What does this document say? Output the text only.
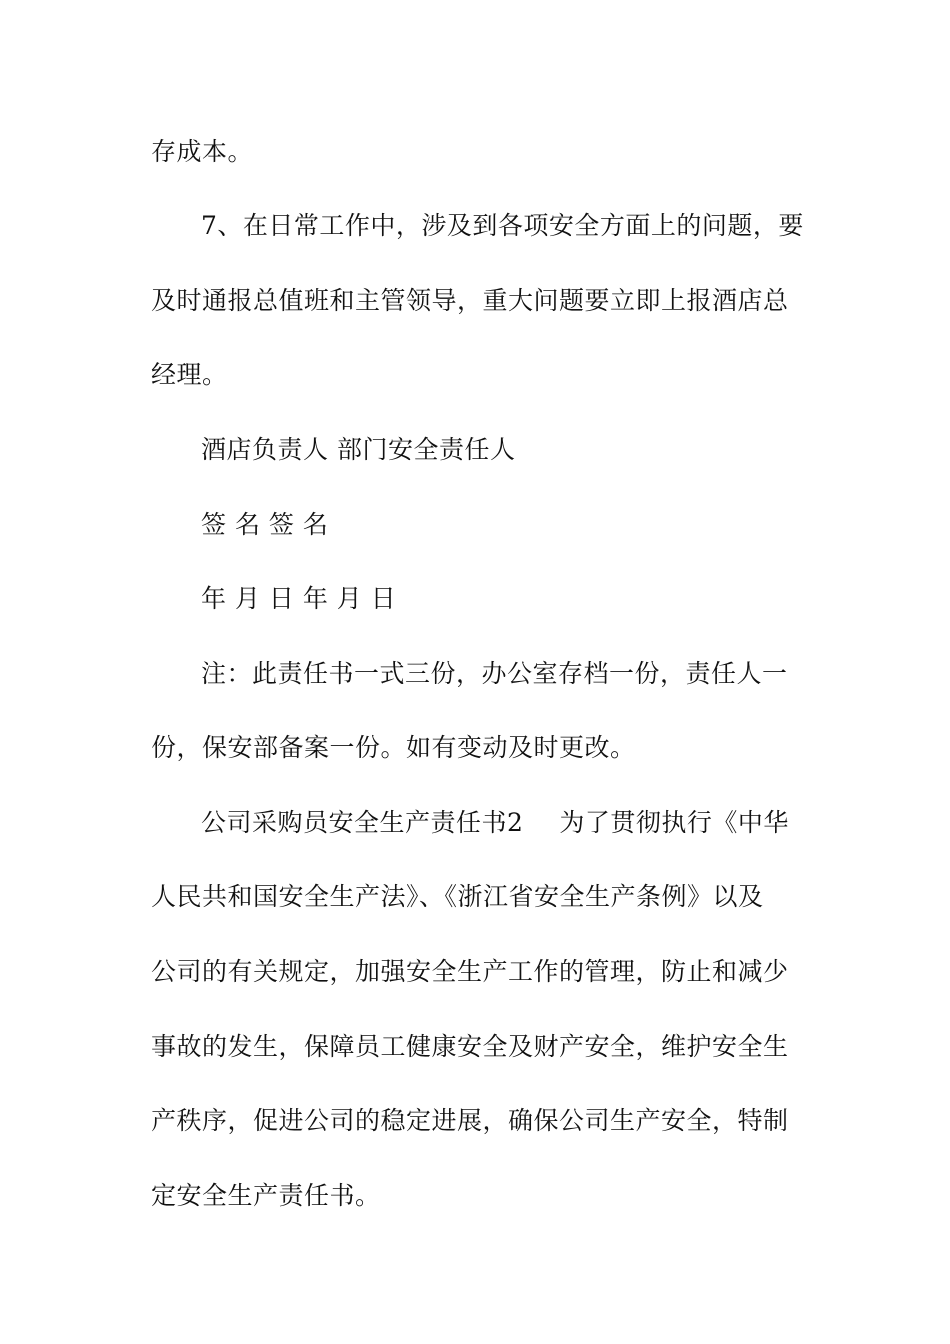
存成本。
7、在日常工作中，涉及到各项安全方面上的问题，要
及时通报总值班和主管领导，重大问题要立即上报酒店总
经理。
酒店负责人 部门安全责任人
签 名 签 名
年 月 日 年 月 日
注：此责任书一式三份，办公室存档一份，责任人一
份，保安部备案一份。如有变动及时更改。
公司采购员安全生产责任书2 为了贯彻执行《中华
人民共和国安全生产法》、《浙江省安全生产条例》以及
公司的有关规定，加强安全生产工作的管理，防止和减少
事故的发生，保障员工健康安全及财产安全，维护安全生
产秩序，促进公司的稳定进展，确保公司生产安全，特制
定安全生产责任书。
